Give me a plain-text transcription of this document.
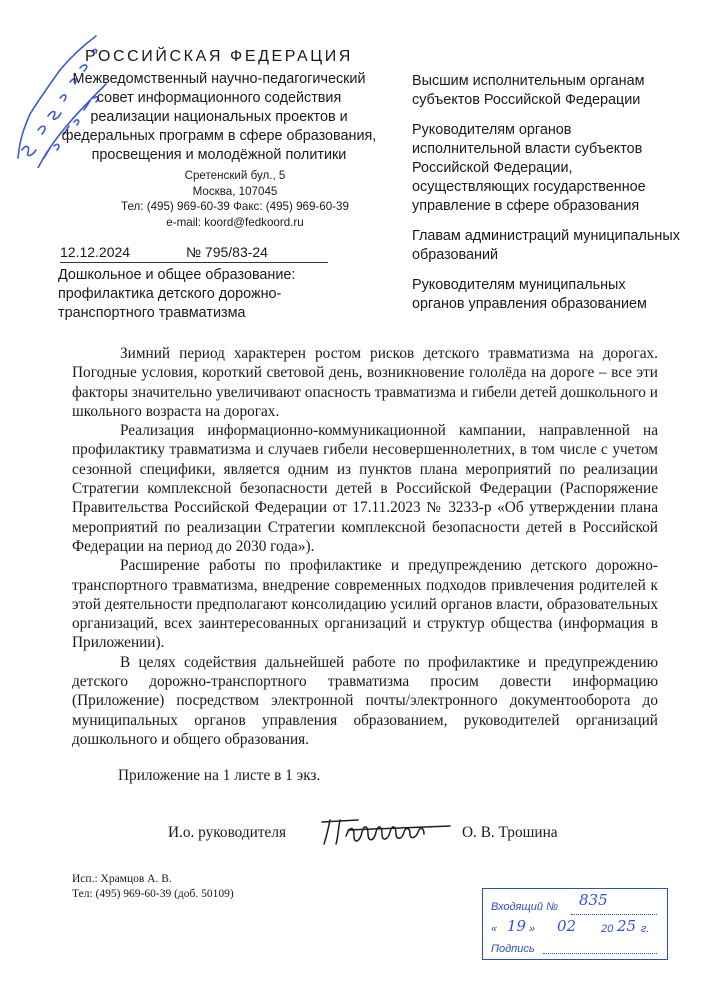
РОССИЙСКАЯ ФЕДЕРАЦИЯ
Межведомственный научно-педагогический
совет информационного содействия
реализации национальных проектов и
федеральных программ в сфере образования,
просвещения и молодёжной политики
Сретенский бул., 5
Москва, 107045
Тел: (495) 969-60-39 Факс: (495) 969-60-39
e-mail: koord@fedkoord.ru
12.12.2024	№ 795/83-24
Дошкольное и общее образование:
профилактика детского дорожно-
транспортного травматизма
Высшим исполнительным органам субъектов Российской Федерации
Руководителям органов исполнительной власти субъектов Российской Федерации, осуществляющих государственное управление в сфере образования
Главам администраций муниципальных образований
Руководителям муниципальных органов управления образованием

Зимний период характерен ростом рисков детского травматизма на дорогах. Погодные условия, короткий световой день, возникновение гололёда на дороге – все эти факторы значительно увеличивают опасность травматизма и гибели детей дошкольного и школьного возраста на дорогах.

Реализация информационно-коммуникационной кампании, направленной на профилактику травматизма и случаев гибели несовершеннолетних, в том числе с учетом сезонной специфики, является одним из пунктов плана мероприятий по реализации Стратегии комплексной безопасности детей в Российской Федерации (Распоряжение Правительства Российской Федерации от 17.11.2023 № 3233-р «Об утверждении плана мероприятий по реализации Стратегии комплексной безопасности детей в Российской Федерации на период до 2030 года»).

Расширение работы по профилактике и предупреждению детского дорожно-транспортного травматизма, внедрение современных подходов привлечения родителей к этой деятельности предполагают консолидацию усилий органов власти, образовательных организаций, всех заинтересованных организаций и структур общества (информация в Приложении).

В целях содействия дальнейшей работе по профилактике и предупреждению детского дорожно-транспортного травматизма просим довести информацию (Приложение) посредством электронной почты/электронного документооборота до муниципальных органов управления образованием, руководителей организаций дошкольного и общего образования.

Приложение на 1 листе в 1 экз.
И.о. руководителя	О. В. Трошина
Исп.: Храмцов А. В.
Тел: (495) 969-60-39 (доб. 50109)
Входящий № 835
« 19 » 02 20 25 г.
Подпись
